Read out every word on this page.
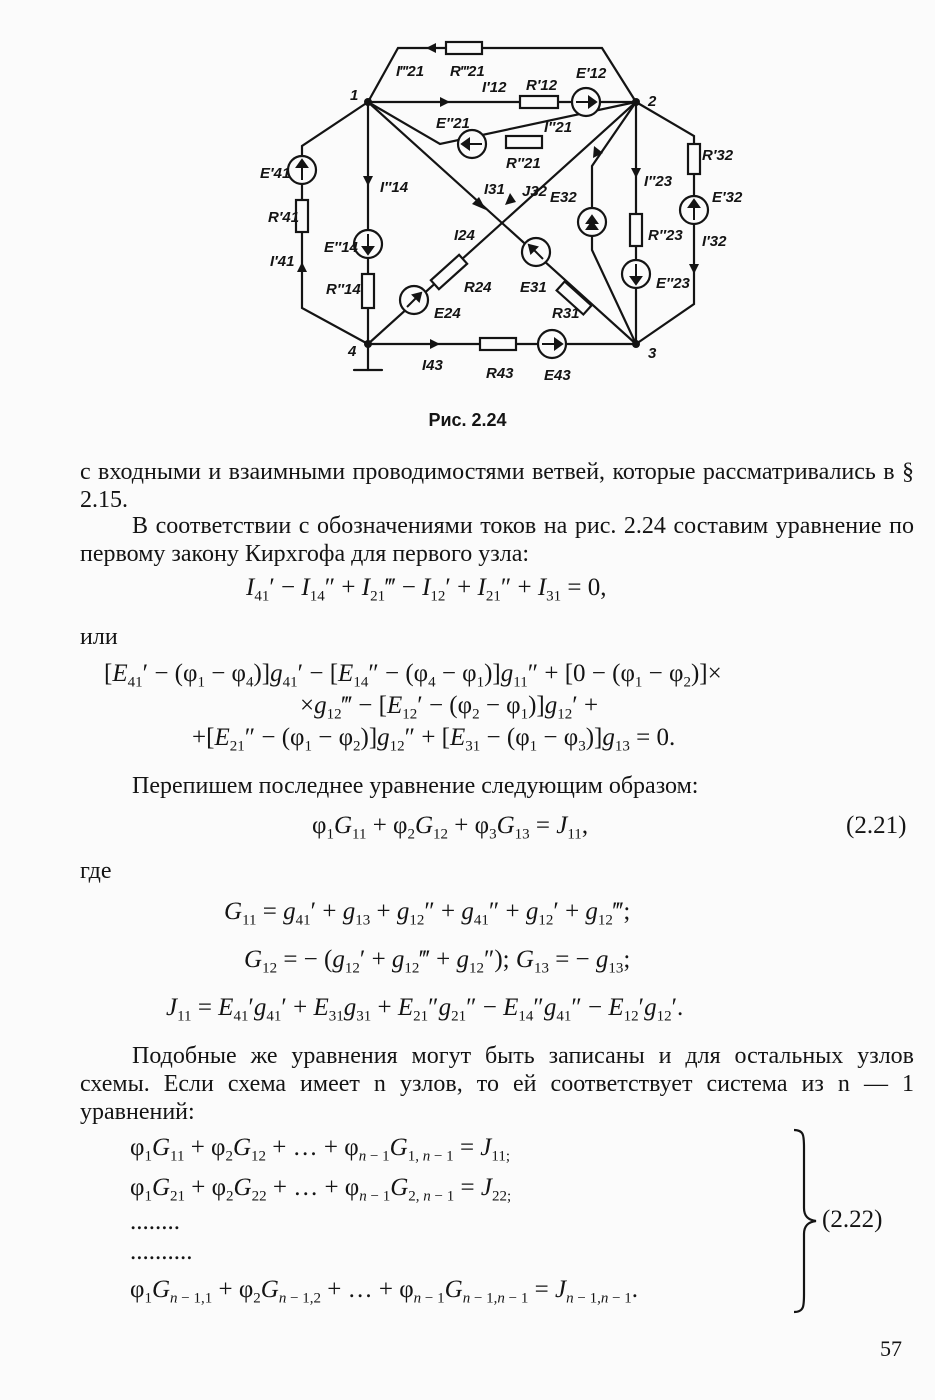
1	2
3
4
I‴21 R‴21
I′12 R′12
E′12
E″21	I″21
R″21
E′41
R′41
I′41
I″14
E″14
R″14
I31 J32 E32
I24
R24
E24
E31
R31
I″23
R″23
E″23
R′32
E′32
I′32
I43	R43 E43
Рис. 2.24
с входными и взаимными проводимостями ветвей, которые рассматривались в § 2.15.
В соответствии с обозначениями токов на рис. 2.24 составим уравнение по первому закону Кирхгофа для первого узла:
$I_{41}' - I_{14}''$ + $I_{21}‴ - I_{12}' + I_{21}'' + I_{31} = 0$,
или
$[E_{41}' - (\varphi_1 - \varphi_4)]g_{41}' - [E_{14}'' - (\varphi_4 - \varphi_1)]g_{11}'' + [0 - (\varphi_1 - \varphi_2)]\times$
$\times g_{12}‴ - [E_{12}' - (\varphi_2 - \varphi_1)]g_{12}'$ +
$+[E_{21}'' - (\varphi_1 - \varphi_2)]g_{12}'' + [E_{31} - (\varphi_1 - \varphi_3)]g_{13} = 0$.
Перепишем последнее уравнение следующим образом:
$\varphi_1G_{11} + \varphi_2G_{12} + \varphi_3G_{13} = J_{11}$,	(2.21)
где
$G_{11} = g_{41}' + g_{13} + g_{12}'' + g_{41}'' + g_{12}'$ + $g_{12}‴$;
$G_{12}$ = − ($g_{12}'$ + $g_{12}‴ + g_{12}''$); $G_{13}$ = − $g_{13}$;
$J_{11} = E_{41}'g_{41}' + E_{31}g_{31} + E_{21}''g_{21}'' - E_{14}''g_{41}'' - E_{12}'g_{12}'$.
Подобные же уравнения могут быть записаны и для остальных узлов схемы. Если схема имеет n узлов, то ей соответствует система из n — 1 уравнений:
$\varphi_1G_{11} + \varphi_2G_{12}$ + … + $\varphi_{n - 1}G_{1, n - 1} = J_{11;}$
$\varphi_1G_{21} + \varphi_2G_{22}$ + … + $\varphi_{n - 1}G_{2, n - 1} = J_{22;}$
........
..........
$\varphi_1G_{n - 1,1} + \varphi_2G_{n - 1,2}$ + … + $\varphi_{n - 1}G_{n - 1,n - 1} = J_{n - 1,n - 1}$.
(2.22)
57
